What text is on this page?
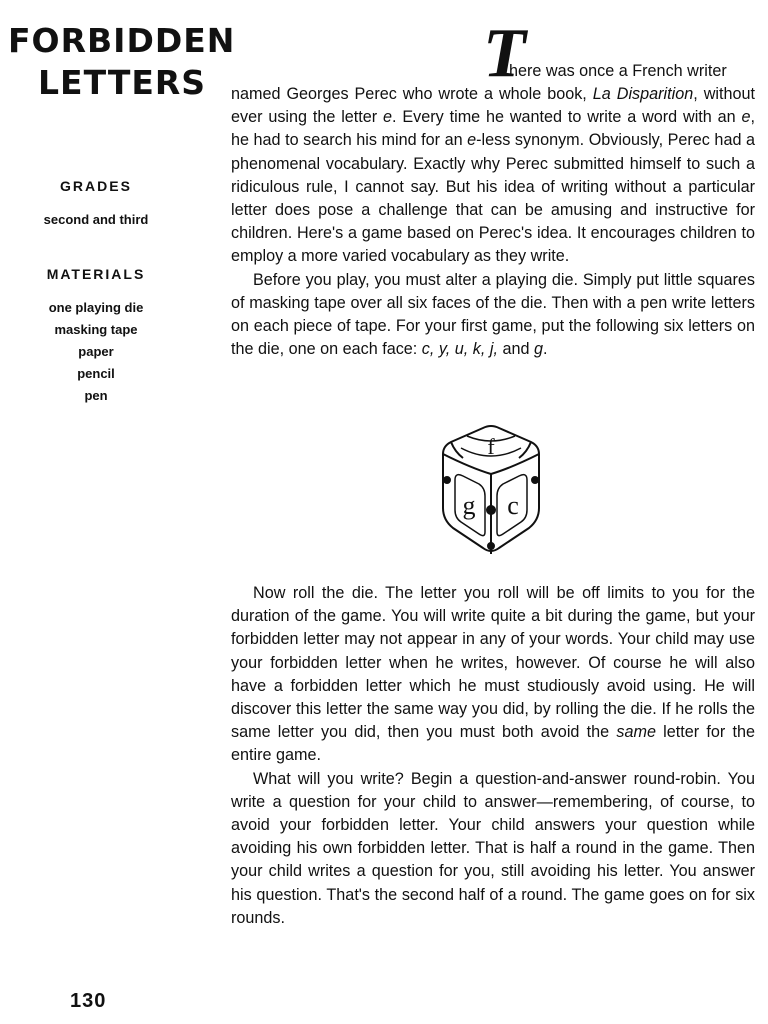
FORBIDDEN
LETTERS
GRADES
second and third
MATERIALS
one playing die
masking tape
paper
pencil
pen
130

T
here was once a French writer

named Georges Perec who wrote a whole book, La Disparition, without ever using the letter e. Every time he wanted to write a word with an e, he had to search his mind for an e-less synonym. Obviously, Perec had a phenomenal vocabulary. Exactly why Perec submitted himself to such a ridiculous rule, I cannot say. But his idea of writing without a particular letter does pose a challenge that can be amusing and instructive for children. Here's a game based on Perec's idea. It encourages children to employ a more varied vocabulary as they write.

Before you play, you must alter a playing die. Simply put little squares of masking tape over all six faces of the die. Then with a pen write letters on each piece of tape. For your first game, put the following six letters on the die, one on each face: c, y, u, k, j, and g.

f
g c

Now roll the die. The letter you roll will be off limits to you for the duration of the game. You will write quite a bit during the game, but your forbidden letter may not appear in any of your words. Your child may use your forbidden letter when he writes, however. Of course he will also have a forbidden letter which he must studiously avoid using. He will discover this letter the same way you did, by rolling the die. If he rolls the same letter you did, then you must both avoid the same letter for the entire game.

What will you write? Begin a question-and-answer round-robin. You write a question for your child to answer—remembering, of course, to avoid your forbidden letter. Your child answers your question while avoiding his own forbidden letter. That is half a round in the game. Then your child writes a question for you, still avoiding his letter. You answer his question. That's the second half of a round. The game goes on for six rounds.
